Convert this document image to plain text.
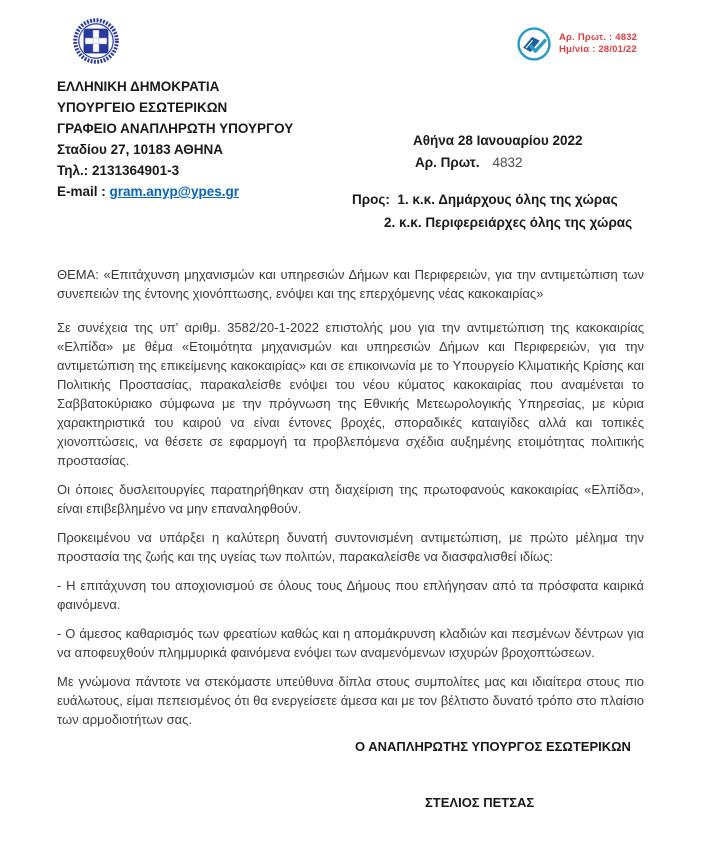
Αρ. Πρωτ. : 4832
Ημ/νία : 28/01/22
ΕΛΛΗΝΙΚΗ ΔΗΜΟΚΡΑΤΙΑ
ΥΠΟΥΡΓΕΙΟ ΕΣΩΤΕΡΙΚΩΝ
ΓΡΑΦΕΙΟ ΑΝΑΠΛΗΡΩΤΗ ΥΠΟΥΡΓΟΥ
Σταδίου 27, 10183 ΑΘΗΝΑ
Τηλ.: 2131364901-3
E-mail : gram.anyp@ypes.gr
Αθήνα 28 Ιανουαρίου 2022
Αρ. Πρωτ. 4832
Προς: 1. κ.κ. Δημάρχους όλης της χώρας
2. κ.κ. Περιφερειάρχες όλης της χώρας

ΘΕΜΑ: «Επιτάχυνση μηχανισμών και υπηρεσιών Δήμων και Περιφερειών, για την αντιμετώπιση των συνεπειών της έντονης χιονόπτωσης, ενόψει και της επερχόμενης νέας κακοκαιρίας»

Σε συνέχεια της υπ’ αριθμ. 3582/20-1-2022 επιστολής μου για την αντιμετώπιση της κακοκαιρίας «Ελπίδα» με θέμα «Ετοιμότητα μηχανισμών και υπηρεσιών Δήμων και Περιφερειών, για την αντιμετώπιση της επικείμενης κακοκαιρίας» και σε επικοινωνία με το Υπουργείο Κλιματικής Κρίσης και Πολιτικής Προστασίας, παρακαλείσθε ενόψει του νέου κύματος κακοκαιρίας που αναμένεται το Σαββατοκύριακο σύμφωνα με την πρόγνωση της Εθνικής Μετεωρολογικής Υπηρεσίας, με κύρια χαρακτηριστικά του καιρού να είναι έντονες βροχές, σποραδικές καταιγίδες αλλά και τοπικές χιονοπτώσεις, να θέσετε σε εφαρμογή τα προβλεπόμενα σχέδια αυξημένης ετοιμότητας πολιτικής προστασίας.

Οι όποιες δυσλειτουργίες παρατηρήθηκαν στη διαχείριση της πρωτοφανούς κακοκαιρίας «Ελπίδα», είναι επιβεβλημένο να μην επαναληφθούν.

Προκειμένου να υπάρξει η καλύτερη δυνατή συντονισμένη αντιμετώπιση, με πρώτο μέλημα την προστασία της ζωής και της υγείας των πολιτών, παρακαλείσθε να διασφαλισθεί ιδίως:

- Η επιτάχυνση του αποχιονισμού σε όλους τους Δήμους που επλήγησαν από τα πρόσφατα καιρικά φαινόμενα.

- Ο άμεσος καθαρισμός των φρεατίων καθώς και η απομάκρυνση κλαδιών και πεσμένων δέντρων για να αποφευχθούν πλημμυρικά φαινόμενα ενόψει των αναμενόμενων ισχυρών βροχοπτώσεων.

Με γνώμονα πάντοτε να στεκόμαστε υπεύθυνα δίπλα στους συμπολίτες μας και ιδιαίτερα στους πιο ευάλωτους, είμαι πεπεισμένος ότι θα ενεργείσετε άμεσα και με τον βέλτιστο δυνατό τρόπο στο πλαίσιο των αρμοδιοτήτων σας.

Ο ΑΝΑΠΛΗΡΩΤΗΣ ΥΠΟΥΡΓΟΣ ΕΣΩΤΕΡΙΚΩΝ
ΣΤΕΛΙΟΣ ΠΕΤΣΑΣ
